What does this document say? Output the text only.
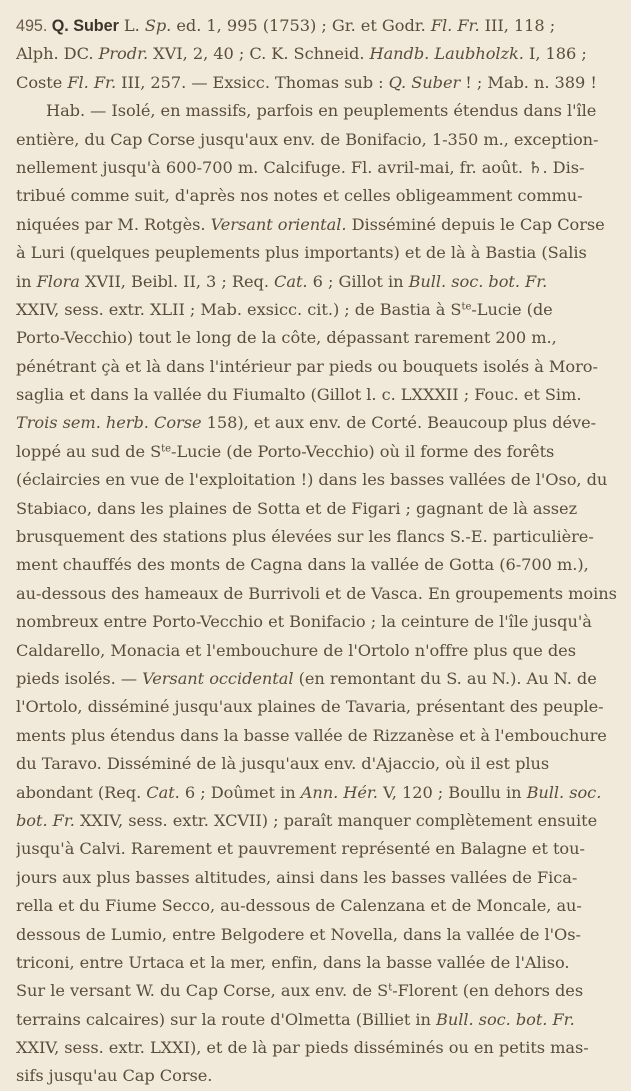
495. Q. Suber L. Sp. ed. 1, 995 (1753) ; Gr. et Godr. Fl. Fr. III, 118 ;
Alph. DC. Prodr. XVI, 2, 40 ; C. K. Schneid. Handb. Laubholzk. I, 186 ;
Coste Fl. Fr. III, 257. — Exsicc. Thomas sub : Q. Suber ! ; Mab. n. 389 !
Hab. — Isolé, en massifs, parfois en peuplements étendus dans l'île
entière, du Cap Corse jusqu'aux env. de Bonifacio, 1-350 m., exception-
nellement jusqu'à 600-700 m. Calcifuge. Fl. avril-mai, fr. août. ♄. Dis-
tribué comme suit, d'après nos notes et celles obligeamment commu-
niquées par M. Rotgès. Versant oriental. Disséminé depuis le Cap Corse
à Luri (quelques peuplements plus importants) et de là à Bastia (Salis
in Flora XVII, Beibl. II, 3 ; Req. Cat. 6 ; Gillot in Bull. soc. bot. Fr.
XXIV, sess. extr. XLII ; Mab. exsicc. cit.) ; de Bastia à $S^{te}$-Lucie (de
Porto-Vecchio) tout le long de la côte, dépassant rarement 200 m.,
pénétrant çà et là dans l'intérieur par pieds ou bouquets isolés à Moro-
saglia et dans la vallée du Fiumalto (Gillot l. c. LXXXII ; Fouc. et Sim.
Trois sem. herb. Corse 158), et aux env. de Corté. Beaucoup plus déve-
loppé au sud de $S^{te}$-Lucie (de Porto-Vecchio) où il forme des forêts
(éclaircies en vue de l'exploitation !) dans les basses vallées de l'Oso, du
Stabiaco, dans les plaines de Sotta et de Figari ; gagnant de là assez
brusquement des stations plus élevées sur les flancs S.-E. particulière-
ment chauffés des monts de Cagna dans la vallée de Gotta (6-700 m.),
au-dessous des hameaux de Burrivoli et de Vasca. En groupements moins
nombreux entre Porto-Vecchio et Bonifacio ; la ceinture de l'île jusqu'à
Caldarello, Monacia et l'embouchure de l'Ortolo n'offre plus que des
pieds isolés. — Versant occidental (en remontant du S. au N.). Au N. de
l'Ortolo, disséminé jusqu'aux plaines de Tavaria, présentant des peuple-
ments plus étendus dans la basse vallée de Rizzanèse et à l'embouchure
du Taravo. Disséminé de là jusqu'aux env. d'Ajaccio, où il est plus
abondant (Req. Cat. 6 ; Doûmet in Ann. Hér. V, 120 ; Boullu in Bull. soc.
bot. Fr. XXIV, sess. extr. XCVII) ; paraît manquer complètement ensuite
jusqu'à Calvi. Rarement et pauvrement représenté en Balagne et tou-
jours aux plus basses altitudes, ainsi dans les basses vallées de Fica-
rella et du Fiume Secco, au-dessous de Calenzana et de Moncale, au-
dessous de Lumio, entre Belgodere et Novella, dans la vallée de l'Os-
triconi, entre Urtaca et la mer, enfin, dans la basse vallée de l'Aliso.
Sur le versant W. du Cap Corse, aux env. de $S^t$-Florent (en dehors des
terrains calcaires) sur la route d'Olmetta (Billiet in Bull. soc. bot. Fr.
XXIV, sess. extr. LXXI), et de là par pieds disséminés ou en petits mas-
sifs jusqu'au Cap Corse.
